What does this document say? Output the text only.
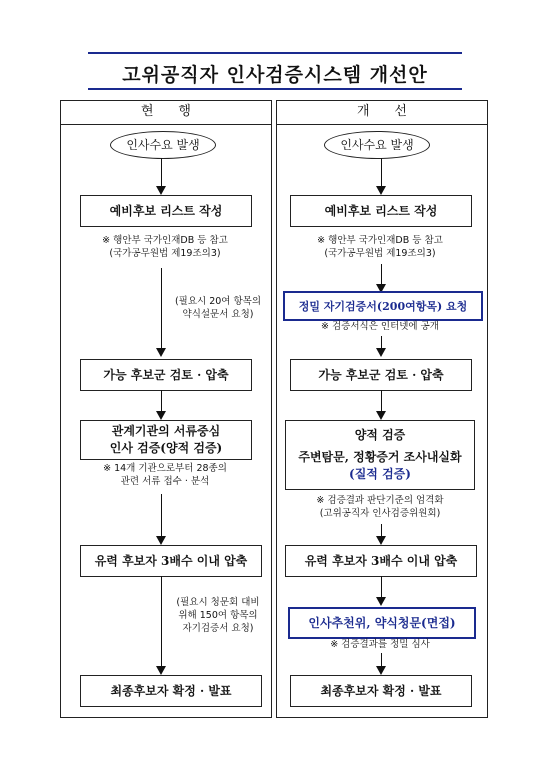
고위공직자 인사검증시스템 개선안
현      행	개      선
인사수요 발생
예비후보 리스트 작성
※ 행안부 국가인재DB 등 참고
(국가공무원법 제19조의3)
(필요시 20여 항목의
약식설문서 요청)
가능 후보군 검토 · 압축
관계기관의 서류중심
인사 검증(양적 검증)
※ 14개 기관으로부터 28종의
관련 서류 접수 · 분석
유력 후보자 3배수 이내 압축
(필요시 청문회 대비
위해 150여 항목의
자기검증서 요청)
최종후보자 확정 · 발표
인사수요 발생
예비후보 리스트 작성
※ 행안부 국가인재DB 등 참고
(국가공무원법 제19조의3)
정밀 자기검증서(200여항목) 요청
※ 검증서식은 인터넷에 공개
가능 후보군 검토 · 압축
양적 검증
주변탐문, 정황증거 조사내실화
(질적 검증)
※ 검증결과 판단기준의 엄격화
(고위공직자 인사검증위원회)
유력 후보자 3배수 이내 압축
인사추천위, 약식청문(면접)
※ 검증결과를 정밀 심사
최종후보자 확정 · 발표
